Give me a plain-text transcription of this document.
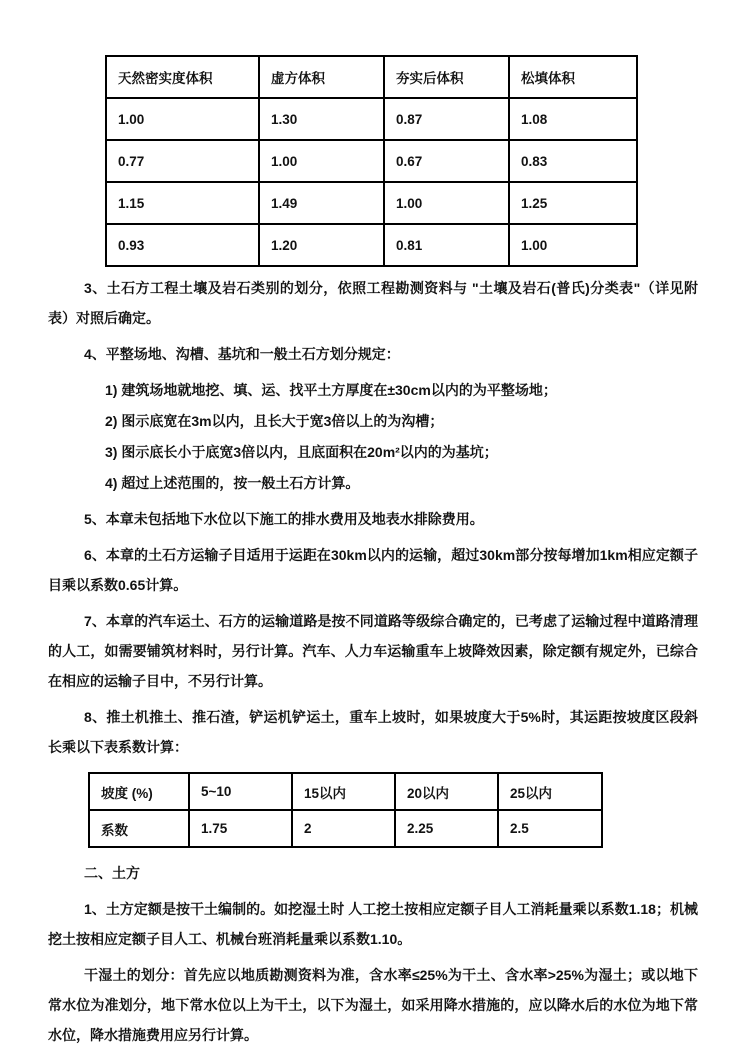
天然密实度体积	虚方体积	夯实后体积	松填体积
1.00	1.30	0.87	1.08
0.77	1.00	0.67	0.83
1.15	1.49	1.00	1.25
0.93	1.20	0.81	1.00

3、土石方工程土壤及岩石类别的划分，依照工程勘测资料与 "土壤及岩石(普氏)分类表"（详见附表）对照后确定。

4、平整场地、沟槽、基坑和一般土石方划分规定：

1) 建筑场地就地挖、填、运、找平土方厚度在±30cm以内的为平整场地；

2) 图示底宽在3m以内，且长大于宽3倍以上的为沟槽；

3) 图示底长小于底宽3倍以内，且底面积在20m²以内的为基坑；

4) 超过上述范围的，按一般土石方计算。

5、本章未包括地下水位以下施工的排水费用及地表水排除费用。

6、本章的土石方运输子目适用于运距在30km以内的运输，超过30km部分按每增加1km相应定额子目乘以系数0.65计算。

7、本章的汽车运土、石方的运输道路是按不同道路等级综合确定的，已考虑了运输过程中道路清理的人工，如需要铺筑材料时，另行计算。汽车、人力车运输重车上坡降效因素，除定额有规定外，已综合在相应的运输子目中，不另行计算。

8、推土机推土、推石渣，铲运机铲运土，重车上坡时，如果坡度大于5%时，其运距按坡度区段斜长乘以下表系数计算：

坡度 (%)	5~10	15以内	20以内	25以内
系数	1.75	2	2.25	2.5

二、土方

1、土方定额是按干土编制的。如挖湿土时 人工挖土按相应定额子目人工消耗量乘以系数1.18；机械挖土按相应定额子目人工、机械台班消耗量乘以系数1.10。

干湿土的划分：首先应以地质勘测资料为准，含水率≤25%为干土、含水率>25%为湿土；或以地下常水位为准划分，地下常水位以上为干土，以下为湿土，如采用降水措施的，应以降水后的水位为地下常水位，降水措施费用应另行计算。
